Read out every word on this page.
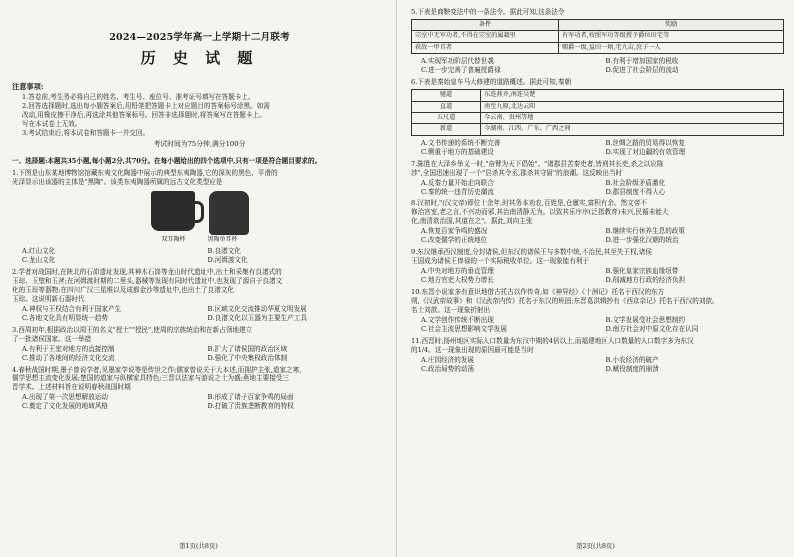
2024—2025学年高一上学期十二月联考
历 史 试 题
注意事项:

1.答卷前,考生务必将自己的姓名、考生号、座位号、准考证号填写在答题卡上。

2.回答选择题时,选出每小题答案后,用铅笔把答题卡上对应题目的答案标号涂黑。如需

改动,用橡皮擦干净后,再选涂其他答案标号。回答非选择题时,将答案写在答题卡上。

写在本试卷上无效。

3.考试结束后,将本试卷和答题卡一并交回。

考试时间为75分钟,满分100分
一、选择题:本题共35小题,每小题2分,共70分。在每小题给出的四个选项中,只有一项是符合题目要求的。
1.下图是山东某地博物馆馆藏东夷文化陶器中展示的典型东夷陶器,它的深灰的黑色、平滑的
光泽显示出该器的主体是"黑陶"。该类东夷陶器所属的远古文化类型应是
双耳陶杯	黑陶单耳杯
A.红山文化	B.良渚文化
C.龙山文化	D.河姆渡文化
2.学者对战国时,在陕北的石峁遗址发现,其神木石峁等龙山时代遗址中,出土和采集有良渚式的
玉琮、玉璧和玉斧;在河姆渡时期的二里头,器械等发现有同时代遗址中,也发现了源自于良渚文
化的玉琮等器物;在四川广汉三星堆以及成都金沙等遗址中,也出土了良渚文化
玉琮。这说明新石器时代
A.神权与王权结合有利于国家产生	B.区域文化交流推动华夏文明发展
C.各地文化具有明显统一趋势	D.良渚文化以玉器为主要生产工具
3.西周初年,根据政治以周王的名义"授土""授民",使周的宗族统治和在新占领地建立
了一批诸侯国家。这一举措
A.有利于王室对地方的直接控制	B.扩大了诸侯国的政治区域
C.推动了各地间的经济文化交流	D.强化了中央集权政治体制
4.春秋战国时期,墨子曾说学者,见墨家学说等是传世之作;儒家曾说关于大本述,而拥护主张,道家之寒,
儒学思想主流变化发展;楚国的道家与纵横家具特色;三晋以法家与游说之士为盛;燕地主要接受三
晋学术。上述材料旨在说明春秋战国时期
A.出现了第一次思想解放运动	B.形成了诸子百家争鸣的局面
C.奠定了文化发展的地域风格	D.打破了贵族垄断教育的特权
第1页(共8页)
5.下表是商鞅变法中的一条法令。据此可知,这条法令
条件	奖励
宗室中无军功者,不得在宗室的属籍里	有军功者,按照军功等级授予爵位田宅等
获敌一甲首者	赐爵一级,益田一顷,宅九亩,庶子一人
A.实现军功阶层代替世袭	B.有利于增加国家的税收
C.进一步完善了普遍授爵禄	D.促进了社会阶层的流动
6.下表是秦始皇车马大修建的道路概述。据此可知,秦朝
驰道	东连燕齐,南连吴楚
直道	南至九原,北达云阳
五尺道	今云南、贵州等地
新道	今湖南、江西、广东、广西之间
A.文书传递的系统不断完善	B.丝绸之路的贸易得以恢复
C.侧重于地方的基础建设	D.实现了对边疆的有效管理
7.陈胜在大泽乡举义一时,"奋臂为天下倡始"。"诸郡县苦秦吏者,皆刑其长吏,杀之以应陈
涉",全国迅速出现了一个"县杀其令丞,郡杀其守尉"的浪潮。这反映出当时
A.反秦力量开始走向联合	B.社会阶级矛盾激化
C.秦的统一违背历史潮流	D.郡县制度不得人心
8.汉初时,"(汉文帝)即位十余年,时其务本劝农,百姓是,仓廪实,富积有余。然文帝不
修治宫室,老之言,不兴功而邪,其治南清静无为。以致其乐序序(泛指教育)未兴,民循未能大
化,南清欲治国,其道在之"。据此,刘向主张
A.恢复百家争鸣的盛况	B.继续实行休养生息的政策
C.改变儒学的正统地位	D.进一步强化汉朝的统治
9.东汉继承西汉制度,分封诸侯,但东汉的诸侯王与多数中统,不治民,其至失王权,诸侯
王国成为诸侯王俸禄的一个实际税收单位。这一现象能有利于
A.中央对地方的垂直管理	B.强化皇家宗族血缘纽带
C.地方官吏大权势力增长	D.削减地方行政的经济负担
10.东晋小说家多有意识地借古托古以作传奇,如《神异经》《十洲记》托名于西汉的东方
朔,《汉武帝故事》和《汉武帝内传》托名于东汉的班固;东晋葛洪辑抄有《西京杂记》托名于西汉的刘歆。
名士刘歆。这一现象折射出
A.文学创作传统不断出现	B.文学发展受社会思想制约
C.社会主流思想影响文学发展	D.南方社会对中原文化存在认同
11.西晋时,扬州地区实际人口数量为东汉中期的4倍以上,而福建地区人口数量的人口数字多为东汉
的1/4。这一现象出现的原因最可能是当时
A.庄园经济的发展	B.小农经济的破产
C.政治局势的动荡	D.赋役制度的崩溃
第2页(共8页)
